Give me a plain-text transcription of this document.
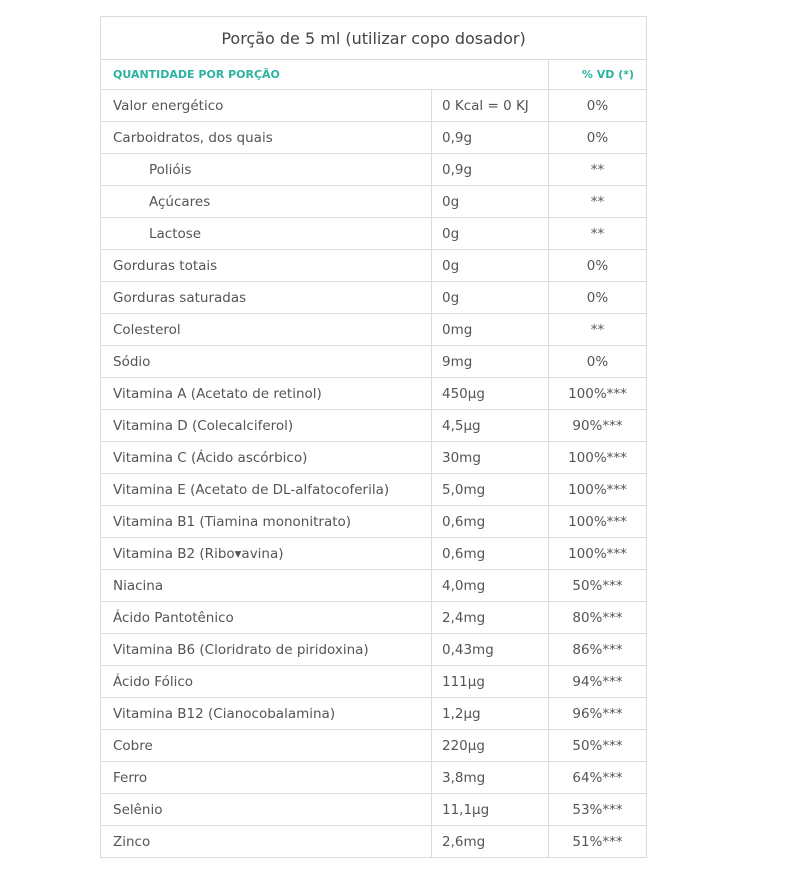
Porção de 5 ml (utilizar copo dosador)		
QUANTIDADE POR PORÇÃO		% VD (*)
Valor energético	0 Kcal = 0 KJ	0%
Carboidratos, dos quais	0,9g	0%
Polióis	0,9g	**
Açúcares	0g	**
Lactose	0g	**
Gorduras totais	0g	0%
Gorduras saturadas	0g	0%
Colesterol	0mg	**
Sódio	9mg	0%
Vitamina A (Acetato de retinol)	450µg	100%***
Vitamina D (Colecalciferol)	4,5µg	90%***
Vitamina C (Ácido ascórbico)	30mg	100%***
Vitamina E (Acetato de DL-alfatocoferila)	5,0mg	100%***
Vitamina B1 (Tiamina mononitrato)	0,6mg	100%***
Vitamina B2 (Ribo▾avina)	0,6mg	100%***
Niacina	4,0mg	50%***
Ácido Pantotênico	2,4mg	80%***
Vitamina B6 (Cloridrato de piridoxina)	0,43mg	86%***
Ácido Fólico	111µg	94%***
Vitamina B12 (Cianocobalamina)	1,2µg	96%***
Cobre	220µg	50%***
Ferro	3,8mg	64%***
Selênio	11,1µg	53%***
Zinco	2,6mg	51%***
